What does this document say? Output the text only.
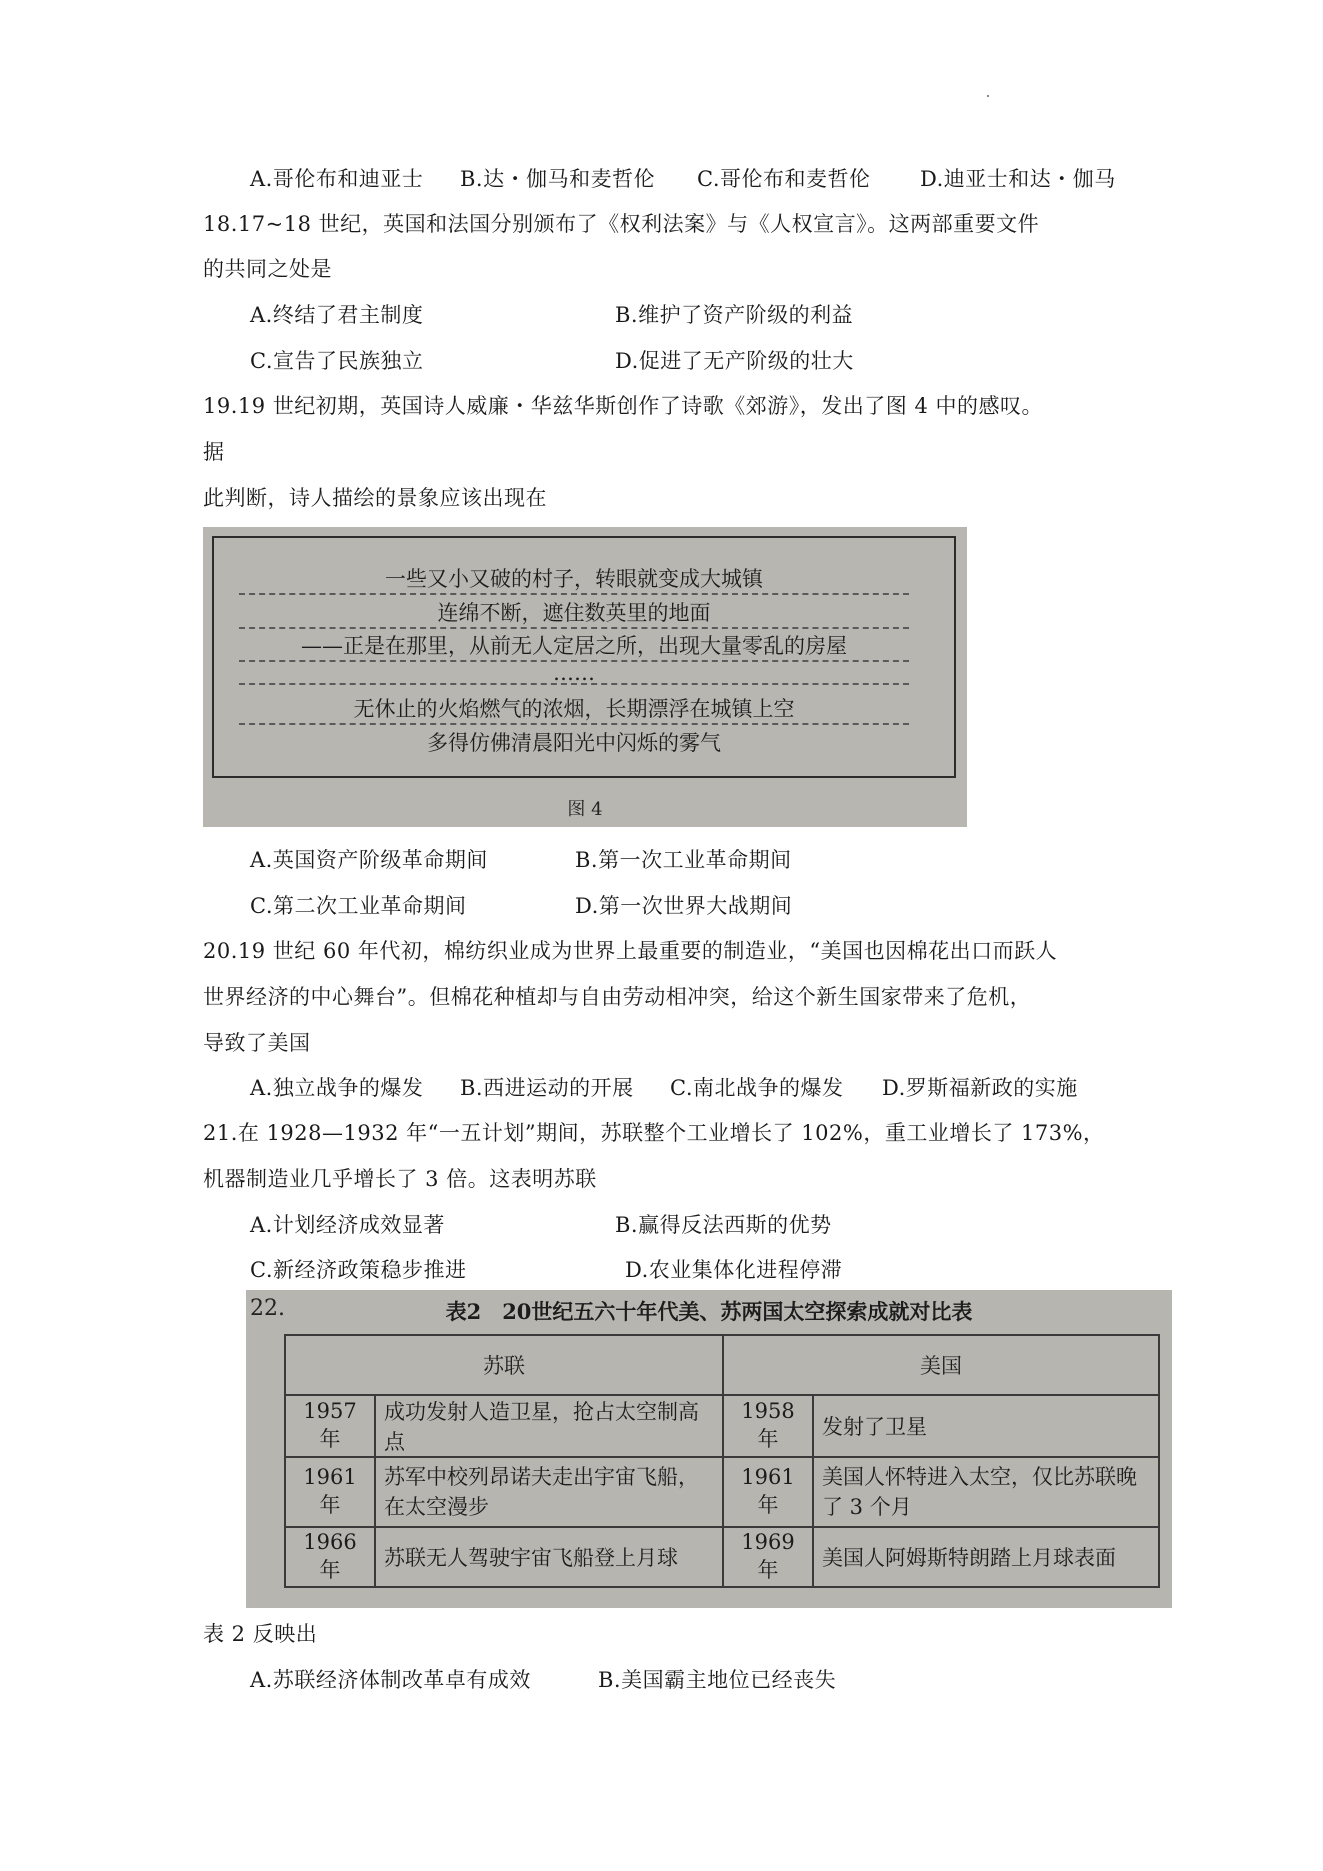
A.哥伦布和迪亚士 B.达・伽马和麦哲伦 C.哥伦布和麦哲伦 D.迪亚士和达・伽马
18.17~18 世纪，英国和法国分别颁布了《权利法案》与《人权宣言》。这两部重要文件
的共同之处是
A.终结了君主制度	B.维护了资产阶级的利益
C.宣告了民族独立	D.促进了无产阶级的壮大
19.19 世纪初期，英国诗人威廉・华兹华斯创作了诗歌《郊游》，发出了图 4 中的感叹。
据
此判断，诗人描绘的景象应该出现在
一些又小又破的村子，转眼就变成大城镇
连绵不断，遮住数英里的地面
——正是在那里，从前无人定居之所，出现大量零乱的房屋
……
无休止的火焰燃气的浓烟，长期漂浮在城镇上空
多得仿佛清晨阳光中闪烁的雾气
图 4
A.英国资产阶级革命期间	B.第一次工业革命期间
C.第二次工业革命期间	D.第一次世界大战期间
20.19 世纪 60 年代初，棉纺织业成为世界上最重要的制造业，“美国也因棉花出口而跃人
世界经济的中心舞台”。但棉花种植却与自由劳动相冲突，给这个新生国家带来了危机，
导致了美国
A.独立战争的爆发 B.西进运动的开展 C.南北战争的爆发 D.罗斯福新政的实施
21.在 1928—1932 年“一五计划”期间，苏联整个工业增长了 102%，重工业增长了 173%，
机器制造业几乎增长了 3 倍。这表明苏联
A.计划经济成效显著	B.赢得反法西斯的优势
C.新经济政策稳步推进	D.农业集体化进程停滞
22.	表2　20世纪五六十年代美、苏两国太空探索成就对比表
苏联		美国	
1957 年	成功发射人造卫星，抢占太空制高点	1958 年	发射了卫星
1961 年	苏军中校列昂诺夫走出宇宙飞船，在太空漫步	1961 年	美国人怀特进入太空，仅比苏联晚了 3 个月
1966 年	苏联无人驾驶宇宙飞船登上月球	1969 年	美国人阿姆斯特朗踏上月球表面
表 2 反映出
A.苏联经济体制改革卓有成效	B.美国霸主地位已经丧失
